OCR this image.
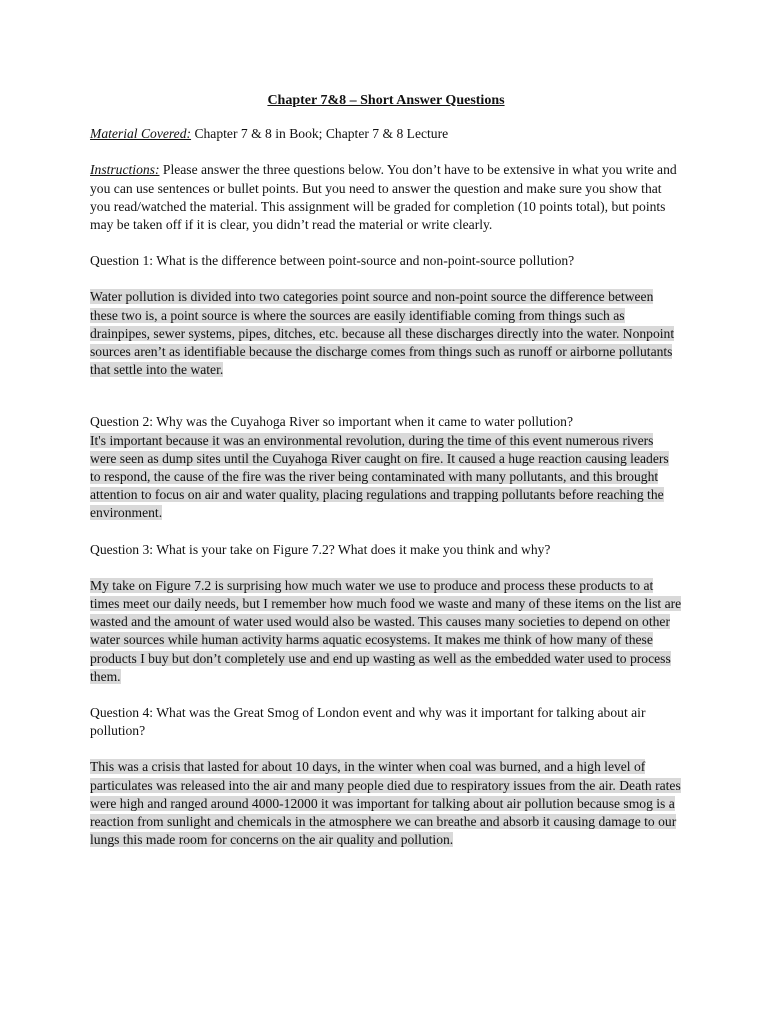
Chapter 7&8 – Short Answer Questions
Material Covered: Chapter 7 & 8 in Book; Chapter 7 & 8 Lecture
Instructions: Please answer the three questions below. You don’t have to be extensive in what you write and you can use sentences or bullet points. But you need to answer the question and make sure you show that you read/watched the material. This assignment will be graded for completion (10 points total), but points may be taken off if it is clear, you didn’t read the material or write clearly.
Question 1: What is the difference between point-source and non-point-source pollution?
Water pollution is divided into two categories point source and non-point source the difference between these two is, a point source is where the sources are easily identifiable coming from things such as drainpipes, sewer systems, pipes, ditches, etc. because all these discharges directly into the water. Nonpoint sources aren’t as identifiable because the discharge comes from things such as runoff or airborne pollutants that settle into the water.
Question 2: Why was the Cuyahoga River so important when it came to water pollution?
It's important because it was an environmental revolution, during the time of this event numerous rivers were seen as dump sites until the Cuyahoga River caught on fire. It caused a huge reaction causing leaders to respond, the cause of the fire was the river being contaminated with many pollutants, and this brought attention to focus on air and water quality, placing regulations and trapping pollutants before reaching the environment.
Question 3: What is your take on Figure 7.2? What does it make you think and why?
My take on Figure 7.2 is surprising how much water we use to produce and process these products to at times meet our daily needs, but I remember how much food we waste and many of these items on the list are wasted and the amount of water used would also be wasted. This causes many societies to depend on other water sources while human activity harms aquatic ecosystems. It makes me think of how many of these products I buy but don’t completely use and end up wasting as well as the embedded water used to process them.
Question 4: What was the Great Smog of London event and why was it important for talking about air pollution?
This was a crisis that lasted for about 10 days, in the winter when coal was burned, and a high level of particulates was released into the air and many people died due to respiratory issues from the air. Death rates were high and ranged around 4000-12000 it was important for talking about air pollution because smog is a reaction from sunlight and chemicals in the atmosphere we can breathe and absorb it causing damage to our lungs this made room for concerns on the air quality and pollution.
